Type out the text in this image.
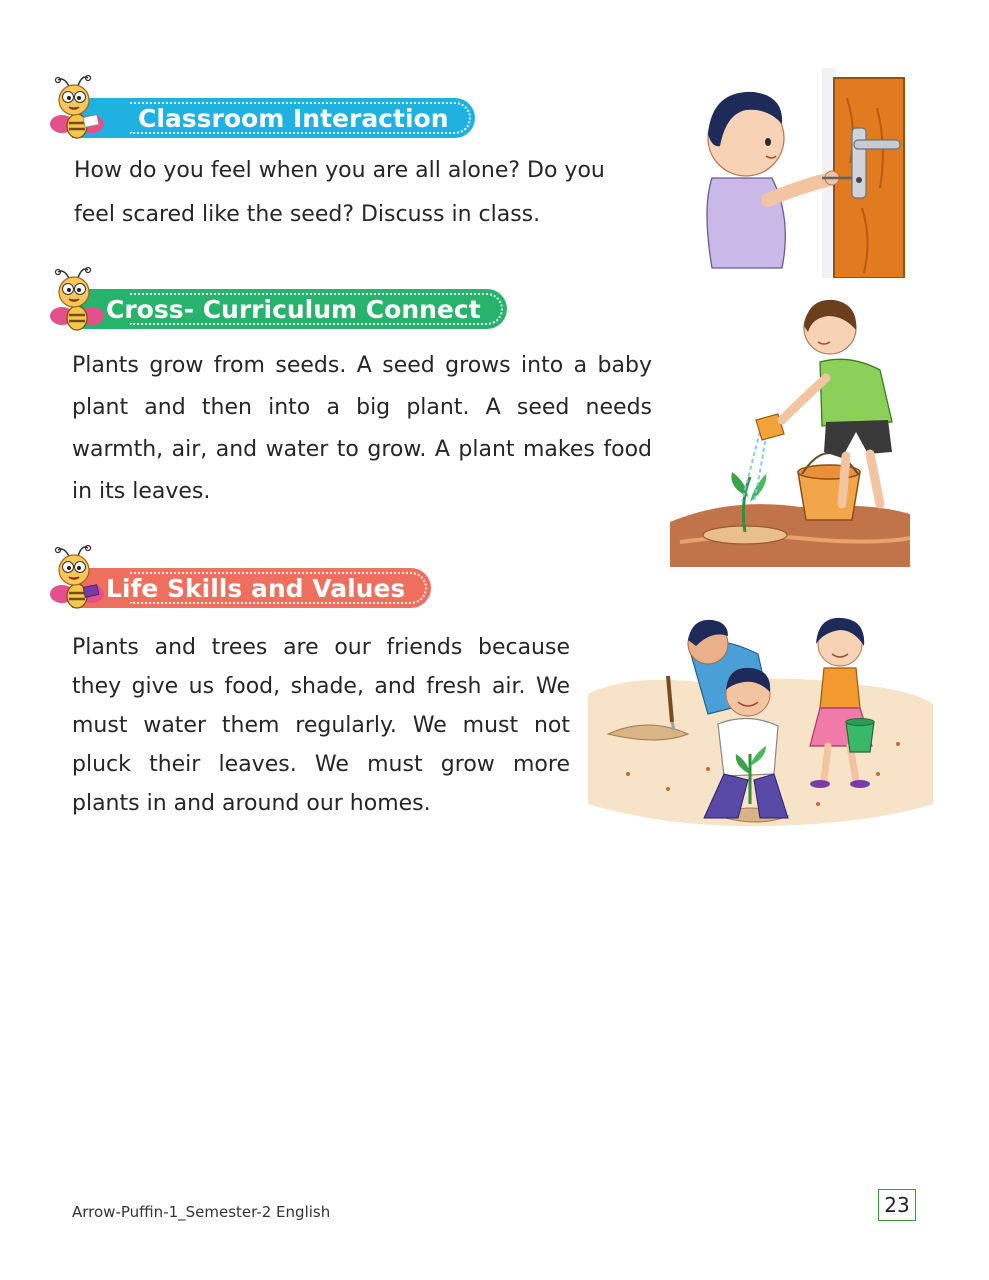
Classroom Interaction

How do you feel when you are all alone? Do you

feel scared like the seed? Discuss in class.

Cross- Curriculum Connect

Plants grow from seeds. A seed grows into a baby plant and then into a big plant. A seed needs warmth, air, and water to grow. A plant makes food in its leaves.

Life Skills and Values

Plants and trees are our friends because they give us food, shade, and fresh air. We must water them regularly. We must not pluck their leaves. We must grow more plants in and around our homes.

Arrow-Puffin-1_Semester-2 English	23
